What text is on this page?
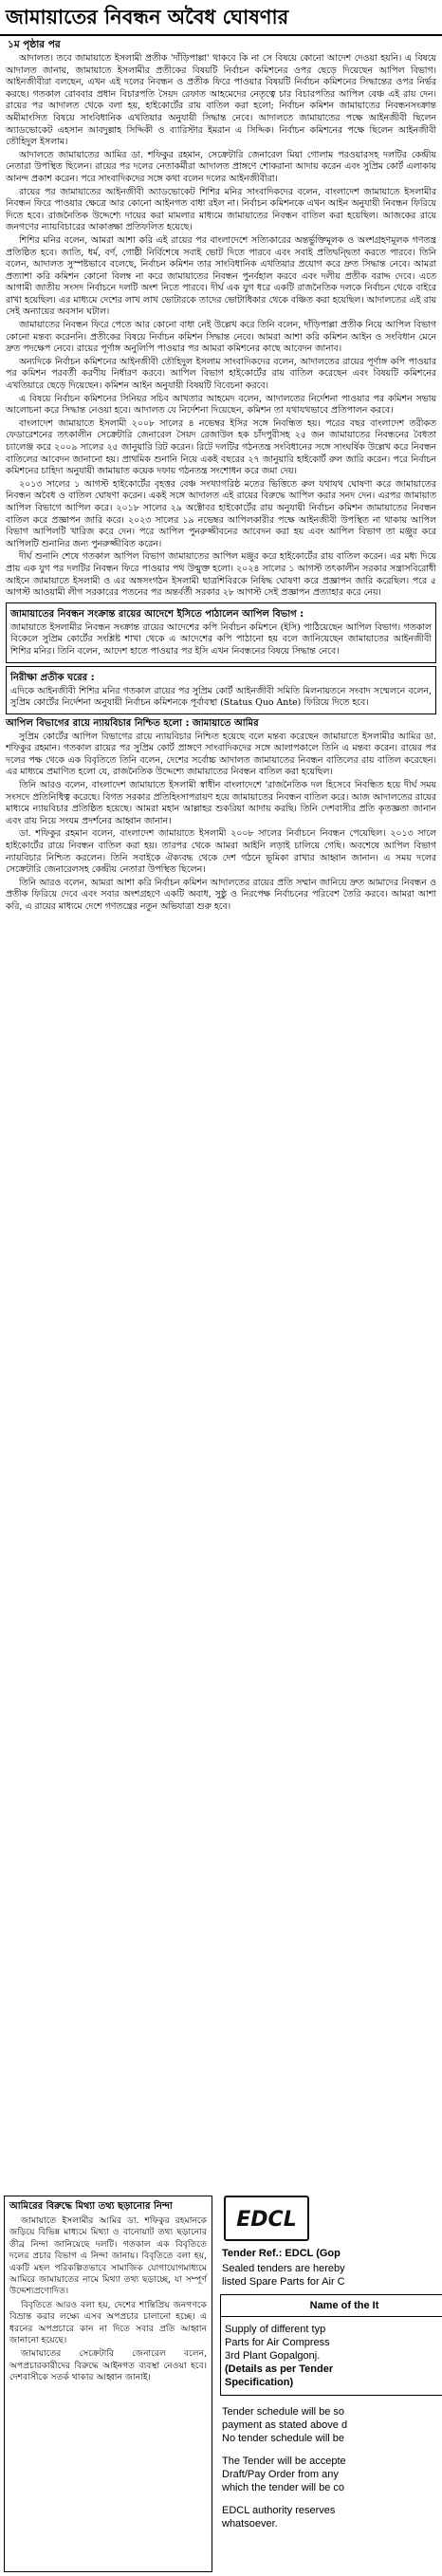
জামায়াতের নিবন্ধন অবৈধ ঘোষণার
১ম পৃষ্ঠার পর

আদালত। তবে জামায়াতে ইসলামী প্রতীক 'দাঁড়িপাল্লা' থাকবে কি না সে বিষয়ে কোনো আদেশ দেওয়া হয়নি। এ বিষয়ে আদালত জানায়, জামায়াতে ইসলামীর প্রতীকের বিষয়টি নির্বাচন কমিশনের ওপর ছেড়ে দিয়েছেন আপিল বিভাগ। আইনজীবীরা বলছেন, এখন এই দলের নিবন্ধন ও প্রতীক ফিরে পাওয়ার বিষয়টি নির্বাচন কমিশনের সিদ্ধান্তের ওপর নির্ভর করছে। গতকাল রোববার প্রধান বিচারপতি সৈয়দ রেফাত আহমেদের নেতৃত্বে চার বিচারপতির আপিল বেঞ্চ এই রায় দেন। রায়ের পর আদালত থেকে বলা হয়, হাইকোর্টের রায় বাতিল করা হলো; নির্বাচন কমিশন জামায়াতের নিবন্ধনসংক্রান্ত অমীমাংসিত বিষয়ে সাংবিধানিক এখতিয়ার অনুযায়ী সিদ্ধান্ত নেবে। আদালতে জামায়াতের পক্ষে আইনজীবী ছিলেন অ্যাডভোকেট এহসান আবদুল্লাহ সিদ্দিকী ও ব্যারিস্টার ইমরান এ সিদ্দিক। নির্বাচন কমিশনের পক্ষে ছিলেন আইনজীবী তৌহিদুল ইসলাম।

আদালতে জামায়াতের আমির ডা. শফিকুর রহমান, সেক্রেটারি জেনারেল মিয়া গোলাম পরওয়ারসহ দলটির কেন্দ্রীয় নেতারা উপস্থিত ছিলেন। রায়ের পর দলের নেতাকর্মীরা আদালত প্রাঙ্গণে শোকরানা আদায় করেন এবং সুপ্রিম কোর্ট এলাকায় আনন্দ প্রকাশ করেন। পরে সাংবাদিকদের সঙ্গে কথা বলেন দলের আইনজীবীরা।

রায়ের পর জামায়াতের আইনজীবী অ্যাডভোকেট শিশির মনির সাংবাদিকদের বলেন, বাংলাদেশ জামায়াতে ইসলামীর নিবন্ধন ফিরে পাওয়ার ক্ষেত্রে আর কোনো আইনগত বাধা রইল না। নির্বাচন কমিশনকে এখন আইন অনুযায়ী নিবন্ধন ফিরিয়ে দিতে হবে। রাজনৈতিক উদ্দেশ্যে দায়ের করা মামলার মাধ্যমে জামায়াতের নিবন্ধন বাতিল করা হয়েছিল। আজকের রায়ে জনগণের ন্যায়বিচারের আকাঙ্ক্ষা প্রতিফলিত হয়েছে।

শিশির মনির বলেন, আমরা আশা করি এই রায়ের পর বাংলাদেশে সত্যিকারের অন্তর্ভুক্তিমূলক ও অংশগ্রহণমূলক গণতন্ত্র প্রতিষ্ঠিত হবে। জাতি, ধর্ম, বর্ণ, গোষ্ঠী নির্বিশেষে সবাই ভোট দিতে পারবে এবং সবাই প্রতিদ্বন্দ্বিতা করতে পারবে। তিনি বলেন, আদালত সুস্পষ্টভাবে বলেছে, নির্বাচন কমিশন তার সাংবিধানিক এখতিয়ার প্রয়োগ করে দ্রুত সিদ্ধান্ত নেবে। আমরা প্রত্যাশা করি কমিশন কোনো বিলম্ব না করে জামায়াতের নিবন্ধন পুনর্বহাল করবে এবং দলীয় প্রতীক বরাদ্দ দেবে। এতে আগামী জাতীয় সংসদ নির্বাচনে দলটি অংশ নিতে পারবে। দীর্ঘ এক যুগ ধরে একটি রাজনৈতিক দলকে নির্বাচন থেকে বাইরে রাখা হয়েছিল। এর মাধ্যমে দেশের লাখ লাখ ভোটারকে তাদের ভোটাধিকার থেকে বঞ্চিত করা হয়েছিল। আদালতের এই রায় সেই অন্যায়ের অবসান ঘটাল।

জামায়াতের নিবন্ধন ফিরে পেতে আর কোনো বাধা নেই উল্লেখ করে তিনি বলেন, দাঁড়িপাল্লা প্রতীক নিয়ে আপিল বিভাগ কোনো মন্তব্য করেননি। প্রতীকের বিষয়ে নির্বাচন কমিশন সিদ্ধান্ত নেবে। আমরা আশা করি কমিশন আইন ও সংবিধান মেনে দ্রুত পদক্ষেপ নেবে। রায়ের পূর্ণাঙ্গ অনুলিপি পাওয়ার পর আমরা কমিশনের কাছে আবেদন জানাব।

অন্যদিকে নির্বাচন কমিশনের আইনজীবী তৌহিদুল ইসলাম সাংবাদিকদের বলেন, আদালতের রায়ের পূর্ণাঙ্গ কপি পাওয়ার পর কমিশন পরবর্তী করণীয় নির্ধারণ করবে। আপিল বিভাগ হাইকোর্টের রায় বাতিল করেছেন এবং বিষয়টি কমিশনের এখতিয়ারে ছেড়ে দিয়েছেন। কমিশন আইন অনুযায়ী বিষয়টি বিবেচনা করবে।

এ বিষয়ে নির্বাচন কমিশনের সিনিয়র সচিব আখতার আহমেদ বলেন, আদালতের নির্দেশনা পাওয়ার পর কমিশন সভায় আলোচনা করে সিদ্ধান্ত নেওয়া হবে। আদালত যে নির্দেশনা দিয়েছেন, কমিশন তা যথাযথভাবে প্রতিপালন করবে।

বাংলাদেশ জামায়াতে ইসলামী ২০০৮ সালের ৪ নভেম্বর ইসির সঙ্গে নিবন্ধিত হয়। পরের বছর বাংলাদেশ তরীকত ফেডারেশনের তৎকালীন সেক্রেটারি জেনারেল সৈয়দ রেজাউল হক চাঁদপুরীসহ ২৫ জন জামায়াতের নিবন্ধনের বৈধতা চ্যালেঞ্জ করে ২০০৯ সালের ২৫ জানুয়ারি রিট করেন। রিটে দলটির গঠনতন্ত্র সংবিধানের সঙ্গে সাংঘর্ষিক উল্লেখ করে নিবন্ধন বাতিলের আবেদন জানানো হয়। প্রাথমিক শুনানি নিয়ে একই বছরের ২৭ জানুয়ারি হাইকোর্ট রুল জারি করেন। পরে নির্বাচন কমিশনের চাহিদা অনুযায়ী জামায়াত কয়েক দফায় গঠনতন্ত্র সংশোধন করে জমা দেয়।

২০১৩ সালের ১ আগস্ট হাইকোর্টের বৃহত্তর বেঞ্চ সংখ্যাগরিষ্ঠ মতের ভিত্তিতে রুল যথাযথ ঘোষণা করে জামায়াতের নিবন্ধন অবৈধ ও বাতিল ঘোষণা করেন। একই সঙ্গে আদালত এই রায়ের বিরুদ্ধে আপিল করার সনদ দেন। এরপর জামায়াত আপিল বিভাগে আপিল করে। ২০১৮ সালের ২৯ অক্টোবর হাইকোর্টের রায় অনুযায়ী নির্বাচন কমিশন জামায়াতের নিবন্ধন বাতিল করে প্রজ্ঞাপন জারি করে। ২০২৩ সালের ১৯ নভেম্বর আপিলকারীর পক্ষে আইনজীবী উপস্থিত না থাকায় আপিল বিভাগ আপিলটি খারিজ করে দেন। পরে আপিল পুনরুজ্জীবনের আবেদন করা হয় এবং আপিল বিভাগ তা মঞ্জুর করে আপিলটি শুনানির জন্য পুনরুজ্জীবিত করেন।

দীর্ঘ শুনানি শেষে গতকাল আপিল বিভাগ জামায়াতের আপিল মঞ্জুর করে হাইকোর্টের রায় বাতিল করেন। এর মধ্য দিয়ে প্রায় এক যুগ পর দলটির নিবন্ধন ফিরে পাওয়ার পথ উন্মুক্ত হলো। ২০২৪ সালের ১ আগস্ট তৎকালীন সরকার সন্ত্রাসবিরোধী আইনে জামায়াতে ইসলামী ও এর অঙ্গসংগঠন ইসলামী ছাত্রশিবিরকে নিষিদ্ধ ঘোষণা করে প্রজ্ঞাপন জারি করেছিল। পরে ৫ আগস্ট আওয়ামী লীগ সরকারের পতনের পর অন্তর্বর্তী সরকার ২৮ আগস্ট সেই প্রজ্ঞাপন প্রত্যাহার করে নেয়।

জামায়াতের নিবন্ধন সংক্রান্ত রায়ের আদেশে ইসিতে পাঠালেন আপিল বিভাগ :

জামায়াতে ইসলামীর নিবন্ধন সংক্রান্ত রায়ের আদেশের কপি নির্বাচন কমিশনে (ইসি) পাঠিয়েছেন আপিল বিভাগ। গতকাল বিকেলে সুপ্রিম কোর্টের সংশ্লিষ্ট শাখা থেকে এ আদেশের কপি পাঠানো হয় বলে জানিয়েছেন জামায়াতের আইনজীবী শিশির মনির। তিনি বলেন, আদেশ হাতে পাওয়ার পর ইসি এখন নিবন্ধনের বিষয়ে সিদ্ধান্ত নেবে।

নিরীক্ষা প্রতীক ঘরের :

এদিকে আইনজীবী শিশির মনির গতকাল রায়ের পর সুপ্রিম কোর্ট আইনজীবী সমিতি মিলনায়তনে সংবাদ সম্মেলনে বলেন, সুপ্রিম কোর্টের নির্দেশনা অনুযায়ী নির্বাচন কমিশনকে পূর্বাবস্থা (Status Quo Ante) ফিরিয়ে দিতে হবে।

আপিল বিভাগের রায়ে ন্যায়বিচার নিশ্চিত হলো : জামায়াতে আমির

সুপ্রিম কোর্টের আপিল বিভাগের রায়ে ন্যায়বিচার নিশ্চিত হয়েছে বলে মন্তব্য করেছেন জামায়াতে ইসলামীর আমির ডা. শফিকুর রহমান। গতকাল রায়ের পর সুপ্রিম কোর্ট প্রাঙ্গণে সাংবাদিকদের সঙ্গে আলাপকালে তিনি এ মন্তব্য করেন। রায়ের পর দলের পক্ষ থেকে এক বিবৃতিতে তিনি বলেন, দেশের সর্বোচ্চ আদালত জামায়াতের নিবন্ধন বাতিলের রায় বাতিল করেছেন। এর মাধ্যমে প্রমাণিত হলো যে, রাজনৈতিক উদ্দেশ্যে জামায়াতের নিবন্ধন বাতিল করা হয়েছিল।

তিনি আরও বলেন, বাংলাদেশ জামায়াতে ইসলামী স্বাধীন বাংলাদেশে 'রাজনৈতিক দল হিসেবে নিবন্ধিত হয়ে দীর্ঘ সময় সংসদে প্রতিনিধিত্ব করেছে। বিগত সরকার প্রতিহিংসাপরায়ণ হয়ে জামায়াতের নিবন্ধন বাতিল করে। আজ আদালতের রায়ের মাধ্যমে ন্যায়বিচার প্রতিষ্ঠিত হয়েছে। আমরা মহান আল্লাহর শুকরিয়া আদায় করছি। তিনি দেশবাসীর প্রতি কৃতজ্ঞতা জানান এবং রায় নিয়ে সংযম প্রদর্শনের আহ্বান জানান।

ডা. শফিকুর রহমান বলেন, বাংলাদেশ জামায়াতে ইসলামী ২০০৮ সালের নির্বাচনে নিবন্ধন পেয়েছিল। ২০১৩ সালে হাইকোর্টের রায়ে নিবন্ধন বাতিল করা হয়। তারপর থেকে আমরা আইনি লড়াই চালিয়ে গেছি। অবশেষে আপিল বিভাগ ন্যায়বিচার নিশ্চিত করলেন। তিনি সবাইকে ঐক্যবদ্ধ থেকে দেশ গঠনে ভূমিকা রাখার আহ্বান জানান। এ সময় দলের সেক্রেটারি জেনারেলসহ কেন্দ্রীয় নেতারা উপস্থিত ছিলেন।

তিনি আরও বলেন, আমরা আশা করি নির্বাচন কমিশন আদালতের রায়ের প্রতি সম্মান জানিয়ে দ্রুত আমাদের নিবন্ধন ও প্রতীক ফিরিয়ে দেবে এবং সবার অংশগ্রহণে একটি অবাধ, সুষ্ঠু ও নিরপেক্ষ নির্বাচনের পরিবেশ তৈরি করবে। আমরা আশা করি, এ রায়ের মাধ্যমে দেশে গণতন্ত্রের নতুন অভিযাত্রা শুরু হবে।

আমিরের বিরুদ্ধে মিথ্যা তথ্য ছড়ানোর নিন্দা

জামায়াতে ইসলামীর আমির ডা. শফিকুর রহমানকে জড়িয়ে বিভিন্ন মাধ্যমে মিথ্যা ও বানোয়াট তথ্য ছড়ানোর তীব্র নিন্দা জানিয়েছে দলটি। গতকাল এক বিবৃতিতে দলের প্রচার বিভাগ এ নিন্দা জানায়। বিবৃতিতে বলা হয়, একটি মহল পরিকল্পিতভাবে সামাজিক যোগাযোগমাধ্যমে আমিরে জামায়াতের নামে মিথ্যা তথ্য ছড়াচ্ছে, যা সম্পূর্ণ উদ্দেশ্যপ্রণোদিত।

বিবৃতিতে আরও বলা হয়, দেশের শান্তিপ্রিয় জনগণকে বিভ্রান্ত করার লক্ষ্যে এসব অপপ্রচার চালানো হচ্ছে। এ ধরনের অপপ্রচারে কান না দিতে সবার প্রতি আহ্বান জানানো হয়েছে।

জামায়াতের সেক্রেটারি জেনারেল বলেন, অপপ্রচারকারীদের বিরুদ্ধে আইনগত ব্যবস্থা নেওয়া হবে। দেশবাসীকে সতর্ক থাকার আহ্বান জানাই।

EDCL
Tender Ref.: EDCL (Gop
Sealed tenders are hereby
listed Spare Parts for Air C
Name of the It
Supply of different typ
Parts for Air Compress
3rd Plant Gopalgonj.
(Details as per Tender
Specification)
Tender schedule will be so
payment as stated above d
No tender schedule will be
The Tender will be accepte
Draft/Pay Order from any
which the tender will be co
EDCL authority reserves
whatsoever.
